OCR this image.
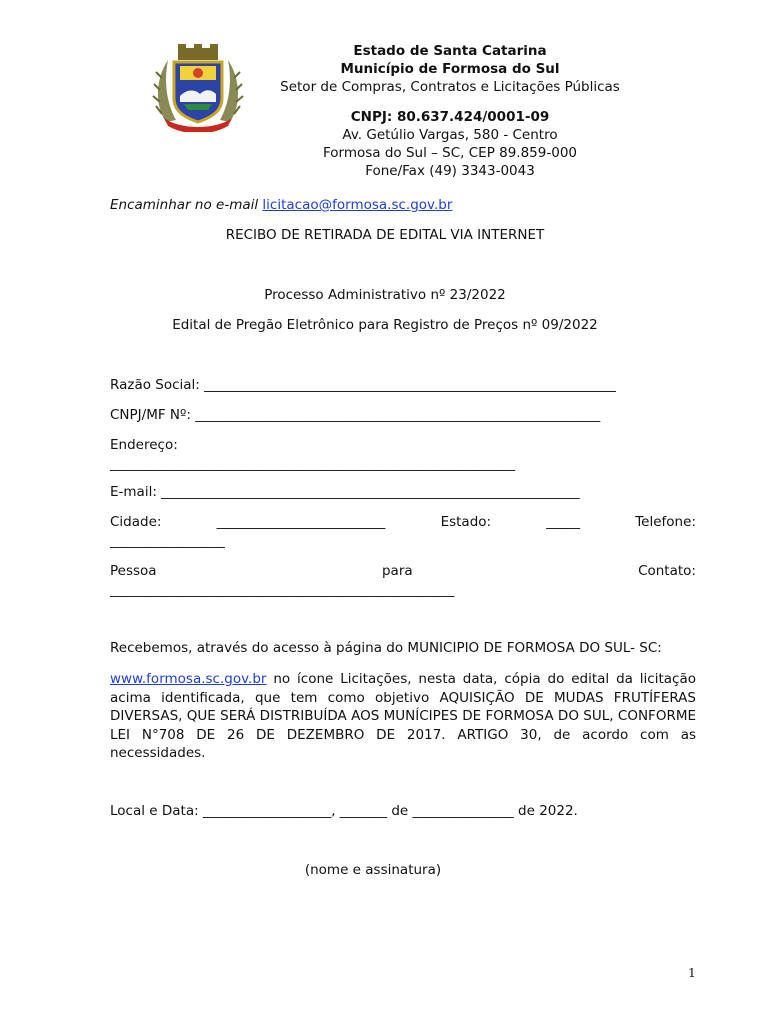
Estado de Santa Catarina
Município de Formosa do Sul
Setor de Compras, Contratos e Licitações Públicas
CNPJ: 80.637.424/0001-09
Av. Getúlio Vargas, 580 - Centro
Formosa do Sul – SC, CEP 89.859-000
Fone/Fax (49) 3343-0043
Encaminhar no e-mail licitacao@formosa.sc.gov.br
RECIBO DE RETIRADA DE EDITAL VIA INTERNET
Processo Administrativo nº 23/2022
Edital de Pregão Eletrônico para Registro de Preços nº 09/2022
Razão Social: _____________________________________________________________
CNPJ/MF Nº: ____________________________________________________________
Endereço:
____________________________________________________________
E-mail: ______________________________________________________________
Cidade:	_________________________	Estado:	_____	Telefone:
_________________
Pessoa	para	Contato:
___________________________________________________
Recebemos, através do acesso à página do MUNICIPIO DE FORMOSA DO SUL- SC:
www.formosa.sc.gov.br no ícone Licitações, nesta data, cópia do edital da licitação acima identificada, que tem como objetivo AQUISIÇÃO DE MUDAS FRUTÍFERAS DIVERSAS, QUE SERÁ DISTRIBUÍDA AOS MUNÍCIPES DE FORMOSA DO SUL, CONFORME LEI N°708 DE 26 DE DEZEMBRO DE 2017. ARTIGO 30, de acordo com as necessidades.
Local e Data: ___________________, _______ de _______________ de 2022.
(nome e assinatura)
1
